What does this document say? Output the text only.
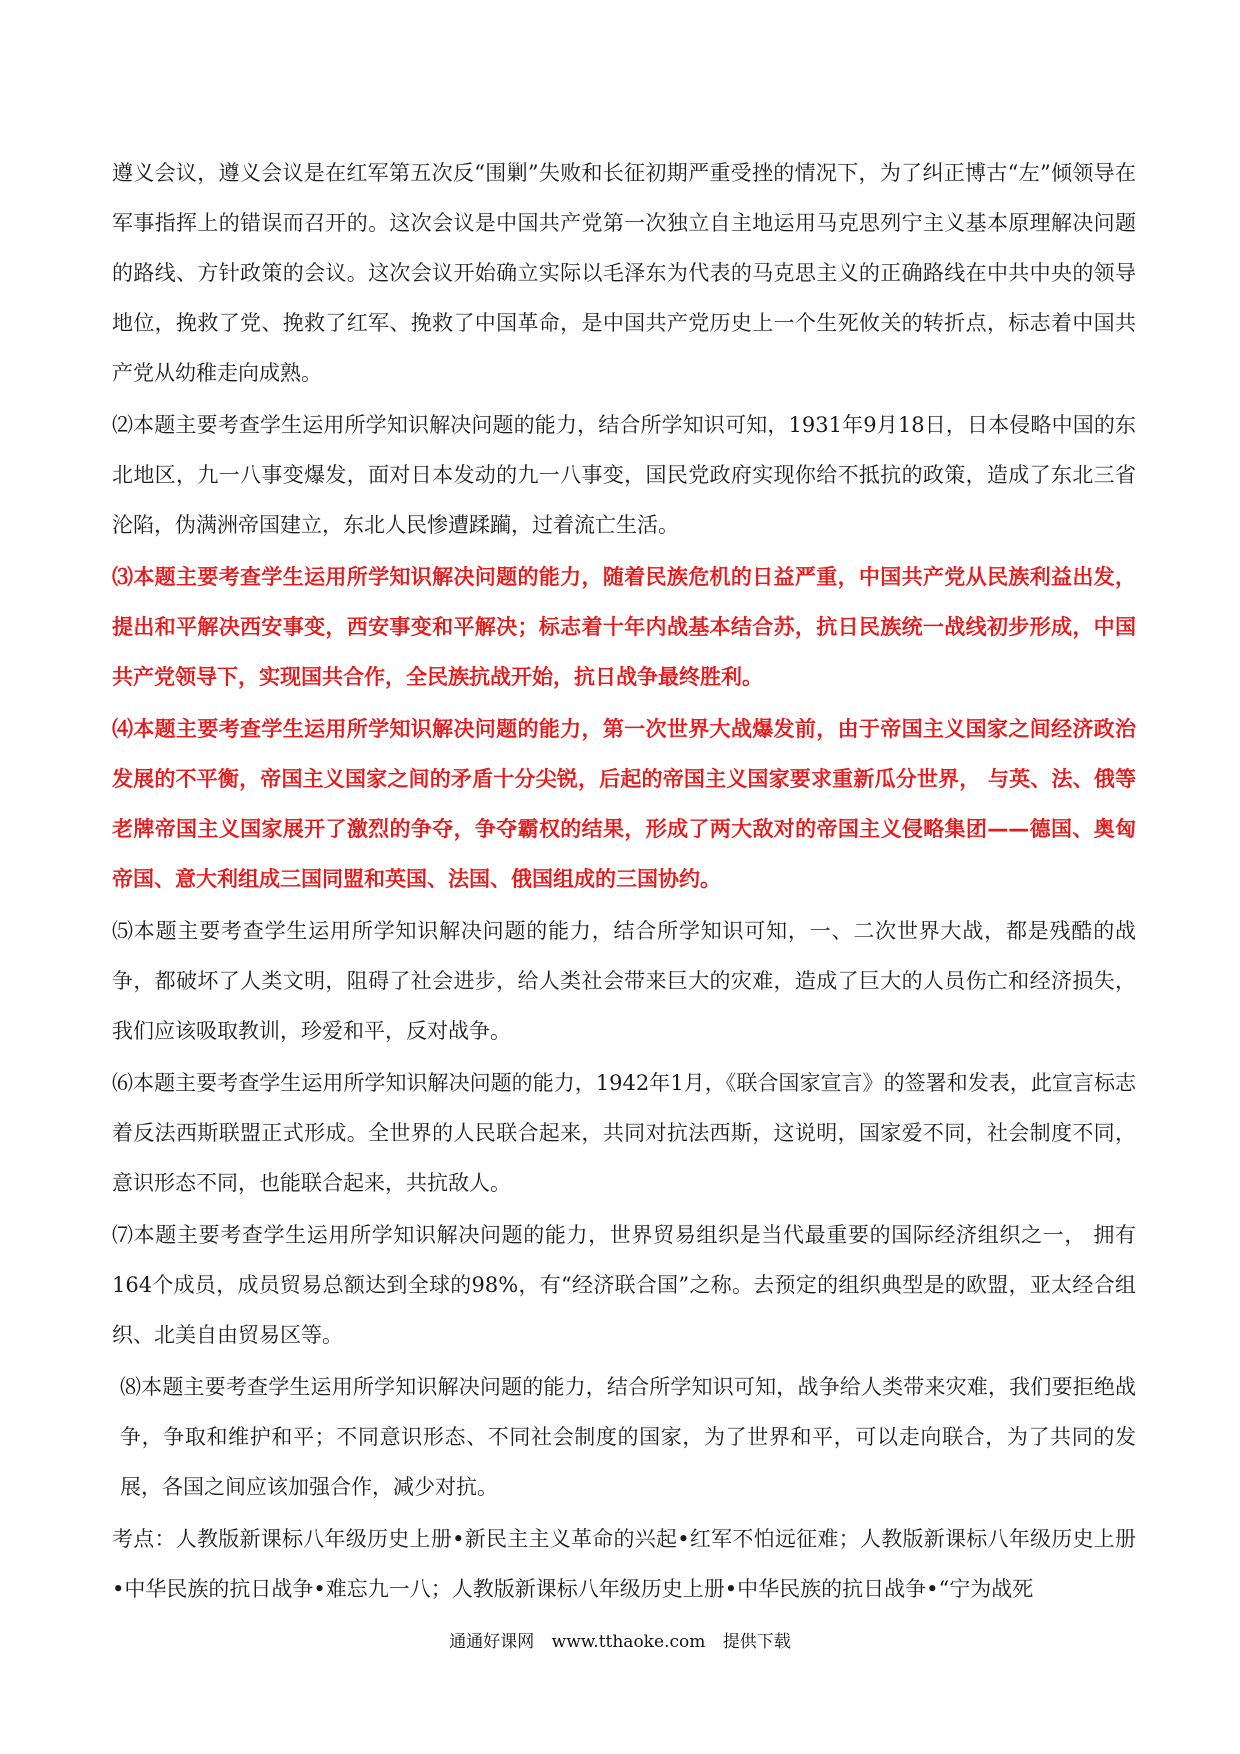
遵义会议，遵义会议是在红军第五次反“围剿”失败和长征初期严重受挫的情况下，为了纠正博古“左”倾领导在军事指挥上的错误而召开的。这次会议是中国共产党第一次独立自主地运用马克思列宁主义基本原理解决问题的路线、方针政策的会议。这次会议开始确立实际以毛泽东为代表的马克思主义的正确路线在中共中央的领导地位，挽救了党、挽救了红军、挽救了中国革命，是中国共产党历史上一个生死攸关的转折点，标志着中国共产党从幼稚走向成熟。

⑵本题主要考查学生运用所学知识解决问题的能力，结合所学知识可知，1931年9月18日，日本侵略中国的东北地区，九一八事变爆发，面对日本发动的九一八事变，国民党政府实现你给不抵抗的政策，造成了东北三省沦陷，伪满洲帝国建立，东北人民惨遭蹂躏，过着流亡生活。

⑶本题主要考查学生运用所学知识解决问题的能力，随着民族危机的日益严重，中国共产党从民族利益出发，提出和平解决西安事变，西安事变和平解决；标志着十年内战基本结合苏，抗日民族统一战线初步形成，中国共产党领导下，实现国共合作，全民族抗战开始，抗日战争最终胜利。

⑷本题主要考查学生运用所学知识解决问题的能力，第一次世界大战爆发前，由于帝国主义国家之间经济政治发展的不平衡，帝国主义国家之间的矛盾十分尖锐，后起的帝国主义国家要求重新瓜分世界， 与英、法、俄等老牌帝国主义国家展开了激烈的争夺，争夺霸权的结果，形成了两大敌对的帝国主义侵略集团——德国、奥匈帝国、意大利组成三国同盟和英国、法国、俄国组成的三国协约。

⑸本题主要考查学生运用所学知识解决问题的能力，结合所学知识可知，一、二次世界大战，都是残酷的战争，都破坏了人类文明，阻碍了社会进步，给人类社会带来巨大的灾难，造成了巨大的人员伤亡和经济损失，我们应该吸取教训，珍爱和平，反对战争。

⑹本题主要考查学生运用所学知识解决问题的能力，1942年1月，《联合国家宣言》的签署和发表，此宣言标志着反法西斯联盟正式形成。全世界的人民联合起来，共同对抗法西斯，这说明，国家爱不同，社会制度不同，意识形态不同，也能联合起来，共抗敌人。

⑺本题主要考查学生运用所学知识解决问题的能力，世界贸易组织是当代最重要的国际经济组织之一， 拥有164个成员，成员贸易总额达到全球的98%，有“经济联合国”之称。去预定的组织典型是的欧盟，亚太经合组织、北美自由贸易区等。

⑻本题主要考查学生运用所学知识解决问题的能力，结合所学知识可知，战争给人类带来灾难，我们要拒绝战争，争取和维护和平；不同意识形态、不同社会制度的国家，为了世界和平，可以走向联合，为了共同的发展，各国之间应该加强合作，减少对抗。

考点：人教版新课标八年级历史上册•新民主主义革命的兴起•红军不怕远征难；人教版新课标八年级历史上册•中华民族的抗日战争•难忘九一八；人教版新课标八年级历史上册•中华民族的抗日战争•“宁为战死

通通好课网 www.tthaoke.com 提供下载
